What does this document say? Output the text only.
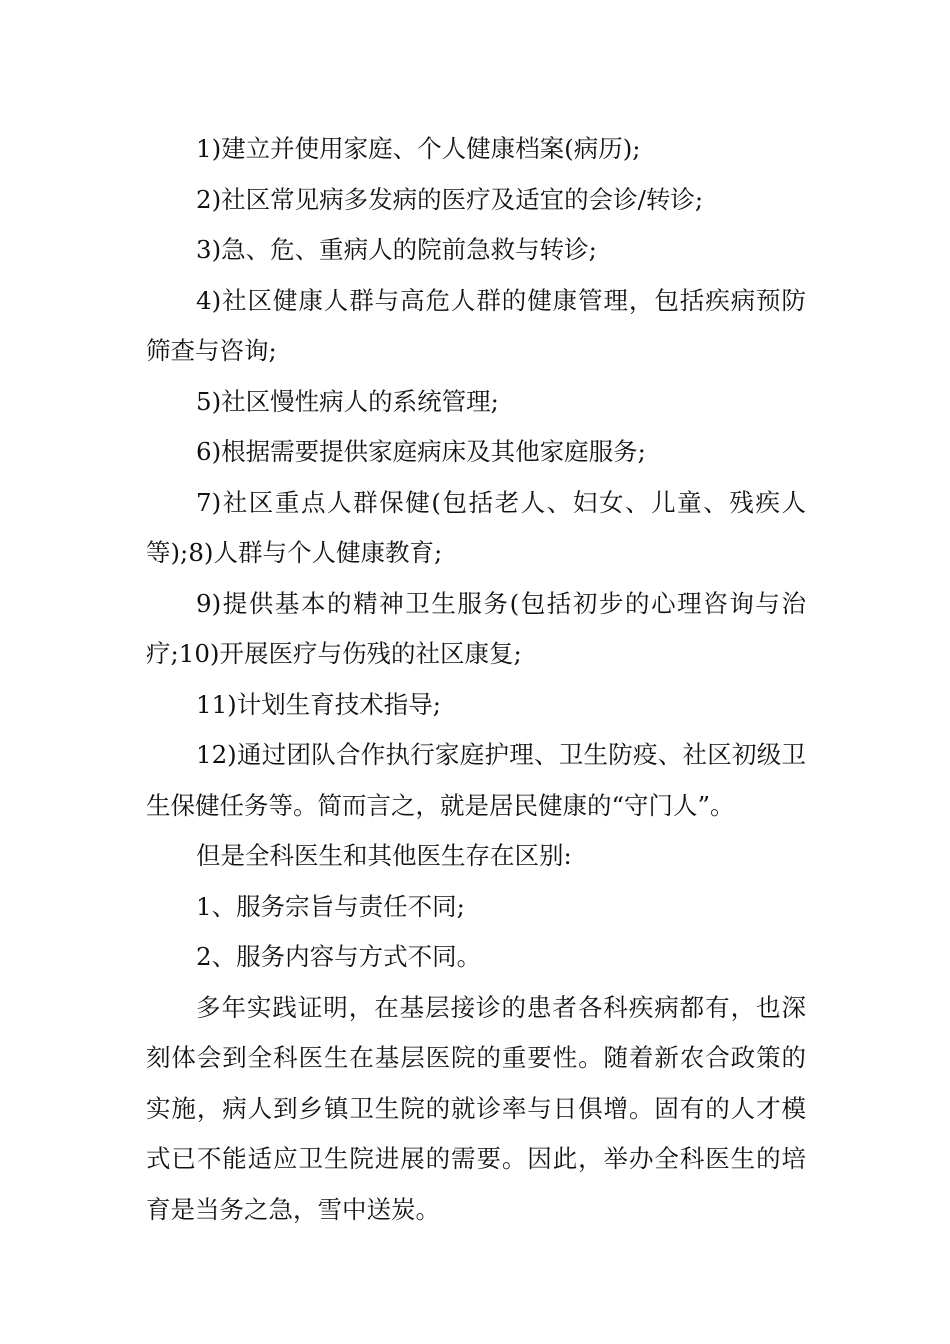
1)建立并使用家庭、个人健康档案(病历);

2)社区常见病多发病的医疗及适宜的会诊/转诊;

3)急、危、重病人的院前急救与转诊;

4)社区健康人群与高危人群的健康管理，包括疾病预防筛查与咨询;

5)社区慢性病人的系统管理;

6)根据需要提供家庭病床及其他家庭服务;

7)社区重点人群保健(包括老人、妇女、儿童、残疾人等);8)人群与个人健康教育;

9)提供基本的精神卫生服务(包括初步的心理咨询与治疗;10)开展医疗与伤残的社区康复;

11)计划生育技术指导;

12)通过团队合作执行家庭护理、卫生防疫、社区初级卫生保健任务等。简而言之，就是居民健康的“守门人”。

但是全科医生和其他医生存在区别:

1、服务宗旨与责任不同;

2、服务内容与方式不同。

多年实践证明，在基层接诊的患者各科疾病都有，也深刻体会到全科医生在基层医院的重要性。随着新农合政策的实施，病人到乡镇卫生院的就诊率与日俱增。固有的人才模式已不能适应卫生院进展的需要。因此，举办全科医生的培育是当务之急，雪中送炭。
